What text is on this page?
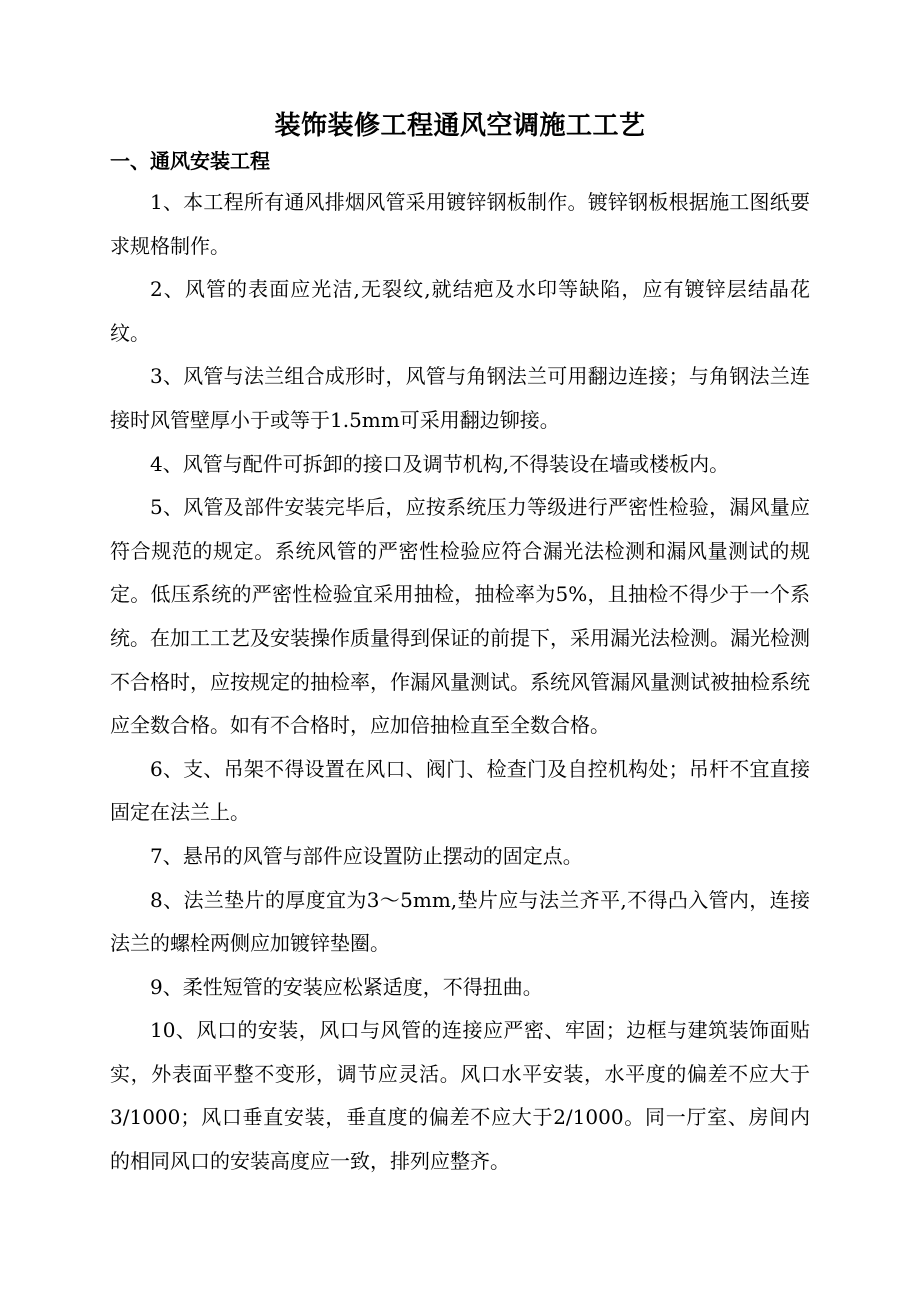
装饰装修工程通风空调施工工艺
一、通风安装工程

1、本工程所有通风排烟风管采用镀锌钢板制作。镀锌钢板根据施工图纸要求规格制作。

2、风管的表面应光洁,无裂纹,就结疤及水印等缺陷，应有镀锌层结晶花纹。

3、风管与法兰组合成形时，风管与角钢法兰可用翻边连接；与角钢法兰连接时风管壁厚小于或等于1.5mm可采用翻边铆接。

4、风管与配件可拆卸的接口及调节机构,不得装设在墙或楼板内。

5、风管及部件安装完毕后，应按系统压力等级进行严密性检验，漏风量应符合规范的规定。系统风管的严密性检验应符合漏光法检测和漏风量测试的规定。低压系统的严密性检验宜采用抽检，抽检率为5%，且抽检不得少于一个系统。在加工工艺及安装操作质量得到保证的前提下，采用漏光法检测。漏光检测不合格时，应按规定的抽检率，作漏风量测试。系统风管漏风量测试被抽检系统应全数合格。如有不合格时，应加倍抽检直至全数合格。

6、支、吊架不得设置在风口、阀门、检查门及自控机构处；吊杆不宜直接固定在法兰上。

7、悬吊的风管与部件应设置防止摆动的固定点。

8、法兰垫片的厚度宜为3～5mm,垫片应与法兰齐平,不得凸入管内，连接法兰的螺栓两侧应加镀锌垫圈。

9、柔性短管的安装应松紧适度，不得扭曲。

10、风口的安装，风口与风管的连接应严密、牢固；边框与建筑装饰面贴实，外表面平整不变形，调节应灵活。风口水平安装，水平度的偏差不应大于3/1000；风口垂直安装，垂直度的偏差不应大于2/1000。同一厅室、房间内的相同风口的安装高度应一致，排列应整齐。
